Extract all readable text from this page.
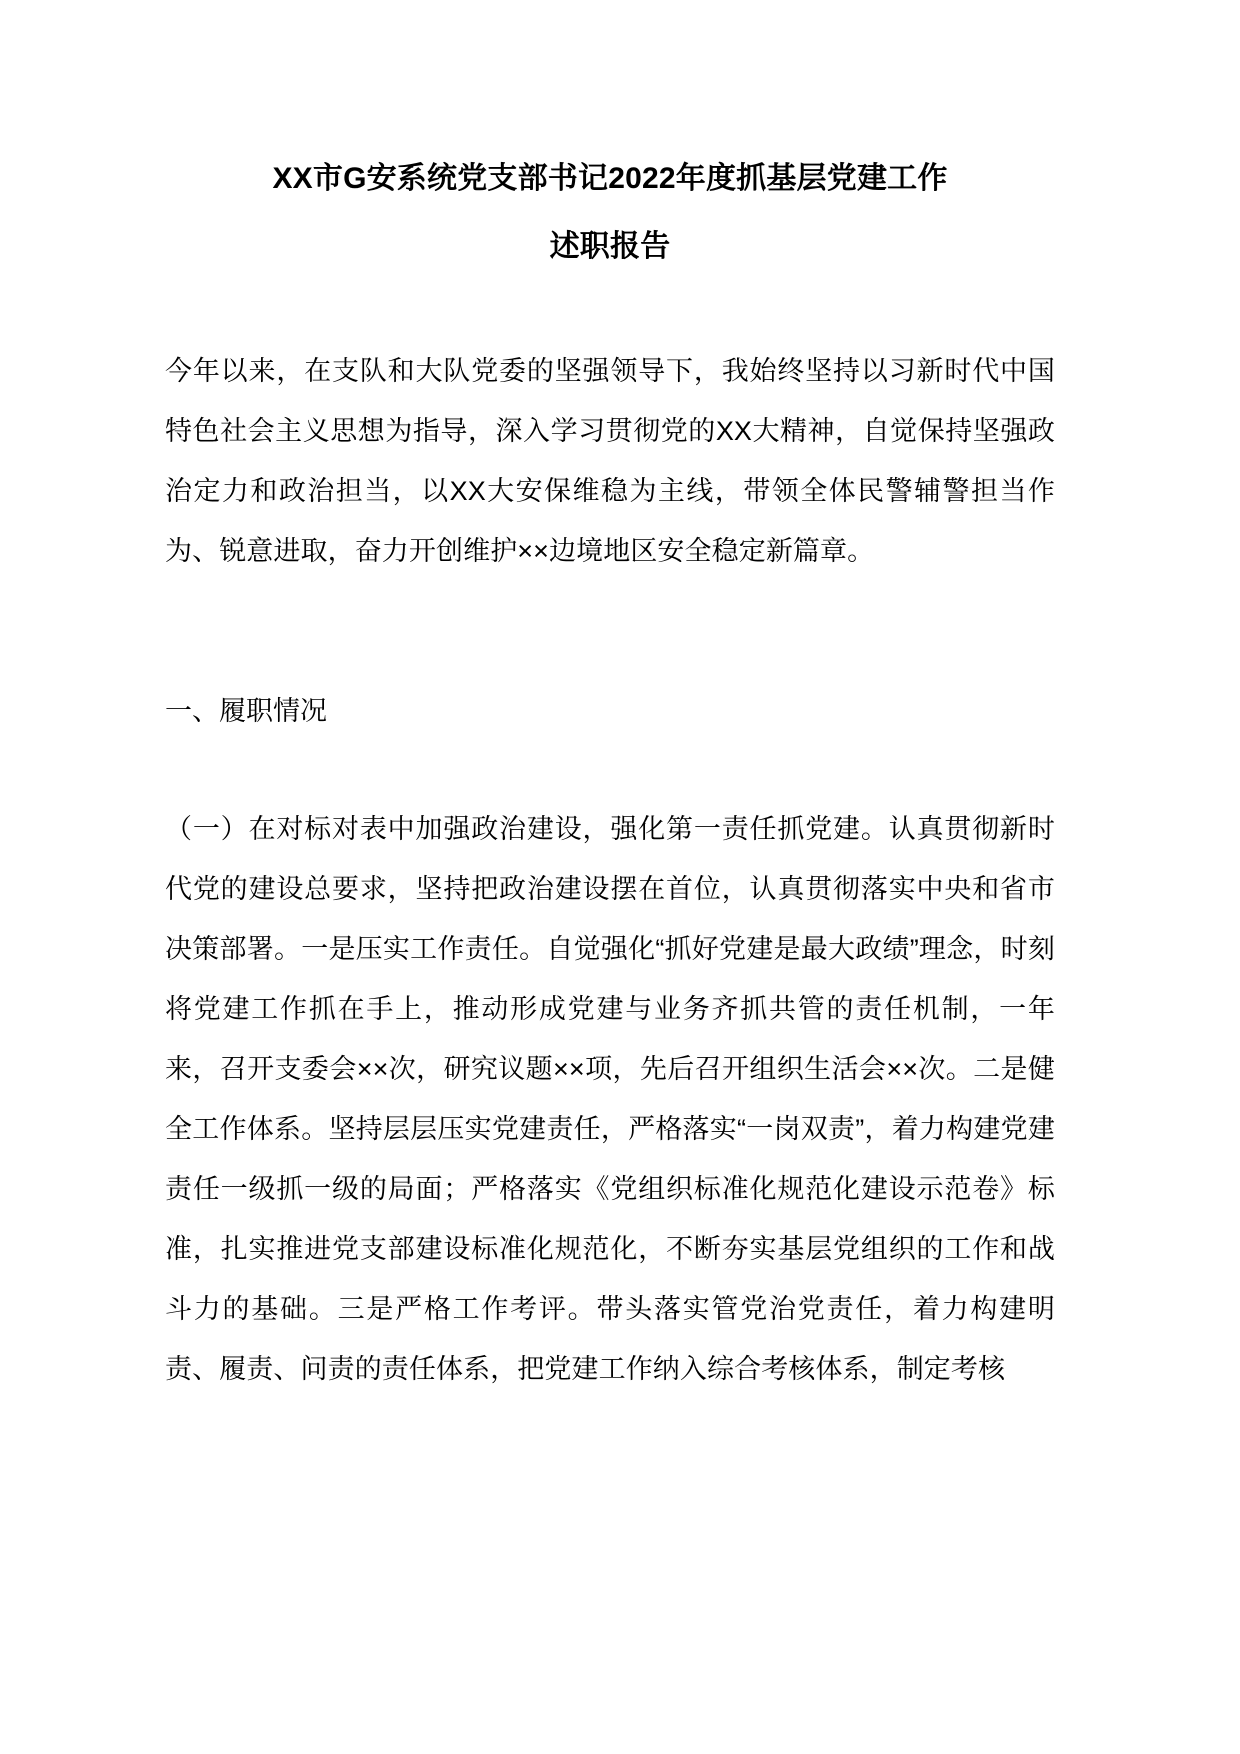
XX市G安系统党支部书记2022年度抓基层党建工作
述职报告

今年以来，在支队和大队党委的坚强领导下，我始终坚持以习新时代中国特色社会主义思想为指导，深入学习贯彻党的XX大精神，自觉保持坚强政治定力和政治担当，以XX大安保维稳为主线，带领全体民警辅警担当作为、锐意进取，奋力开创维护××边境地区安全稳定新篇章。

一、履职情况

（一）在对标对表中加强政治建设，强化第一责任抓党建。认真贯彻新时代党的建设总要求，坚持把政治建设摆在首位，认真贯彻落实中央和省市决策部署。一是压实工作责任。自觉强化“抓好党建是最大政绩”理念，时刻将党建工作抓在手上，推动形成党建与业务齐抓共管的责任机制，一年来，召开支委会××次，研究议题××项，先后召开组织生活会××次。二是健全工作体系。坚持层层压实党建责任，严格落实“一岗双责”，着力构建党建责任一级抓一级的局面；严格落实《党组织标准化规范化建设示范卷》标准，扎实推进党支部建设标准化规范化，不断夯实基层党组织的工作和战斗力的基础。三是严格工作考评。带头落实管党治党责任，着力构建明责、履责、问责的责任体系，把党建工作纳入综合考核体系，制定考核
